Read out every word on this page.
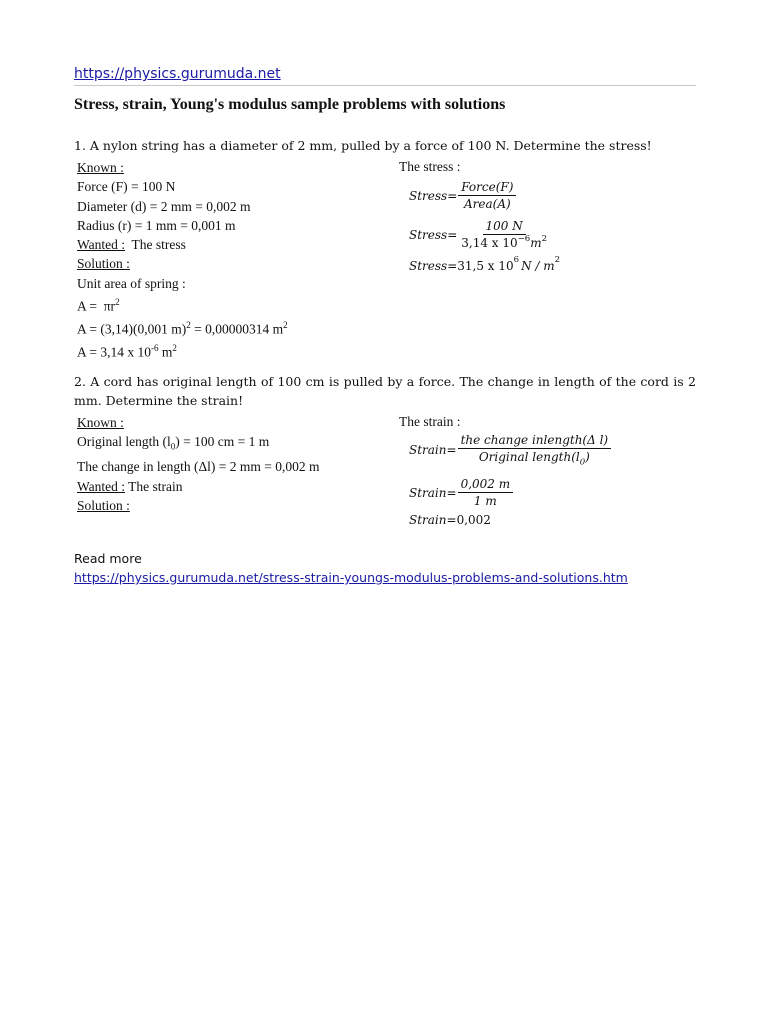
https://physics.gurumuda.net
Stress, strain, Young's modulus sample problems with solutions
1. A nylon string has a diameter of 2 mm, pulled by a force of 100 N. Determine the stress!
Known :
Force (F) = 100 N
Diameter (d) = 2 mm = 0,002 m
Radius (r) = 1 mm = 0,001 m
Wanted :  The stress
Solution :
Unit area of spring :
$A = \pi r^2$
A = (3,14)(0,001 m)$^2$ = 0,00000314 $m^2$
A = 3,14 x $10^{-6}$ $m^2$
The stress :
Stress = $\frac{\text{Force(F)}}{\text{Area(A)}}$
Stress = $\frac{100 N}{3,14 x 10^{-6}m^2}$
Stress = 31,5 x 10 6 N / m 2
2. A cord has original length of 100 cm is pulled by a force. The change in length of the cord is 2
mm. Determine the strain!
Known :
Original length $(l_0) = 100$ cm = 1 m
The change in length (Δl) = 2 mm = 0,002 m
Wanted : The strain
Solution :
The strain :
Strain = $\frac{\text{the change inlength(Δ l)}}{Original length(l_0)}$
Strain = $\frac{0,002 m}{1 m}$
Strain = 0,002
Read more
https://physics.gurumuda.net/stress-strain-youngs-modulus-problems-and-solutions.htm
